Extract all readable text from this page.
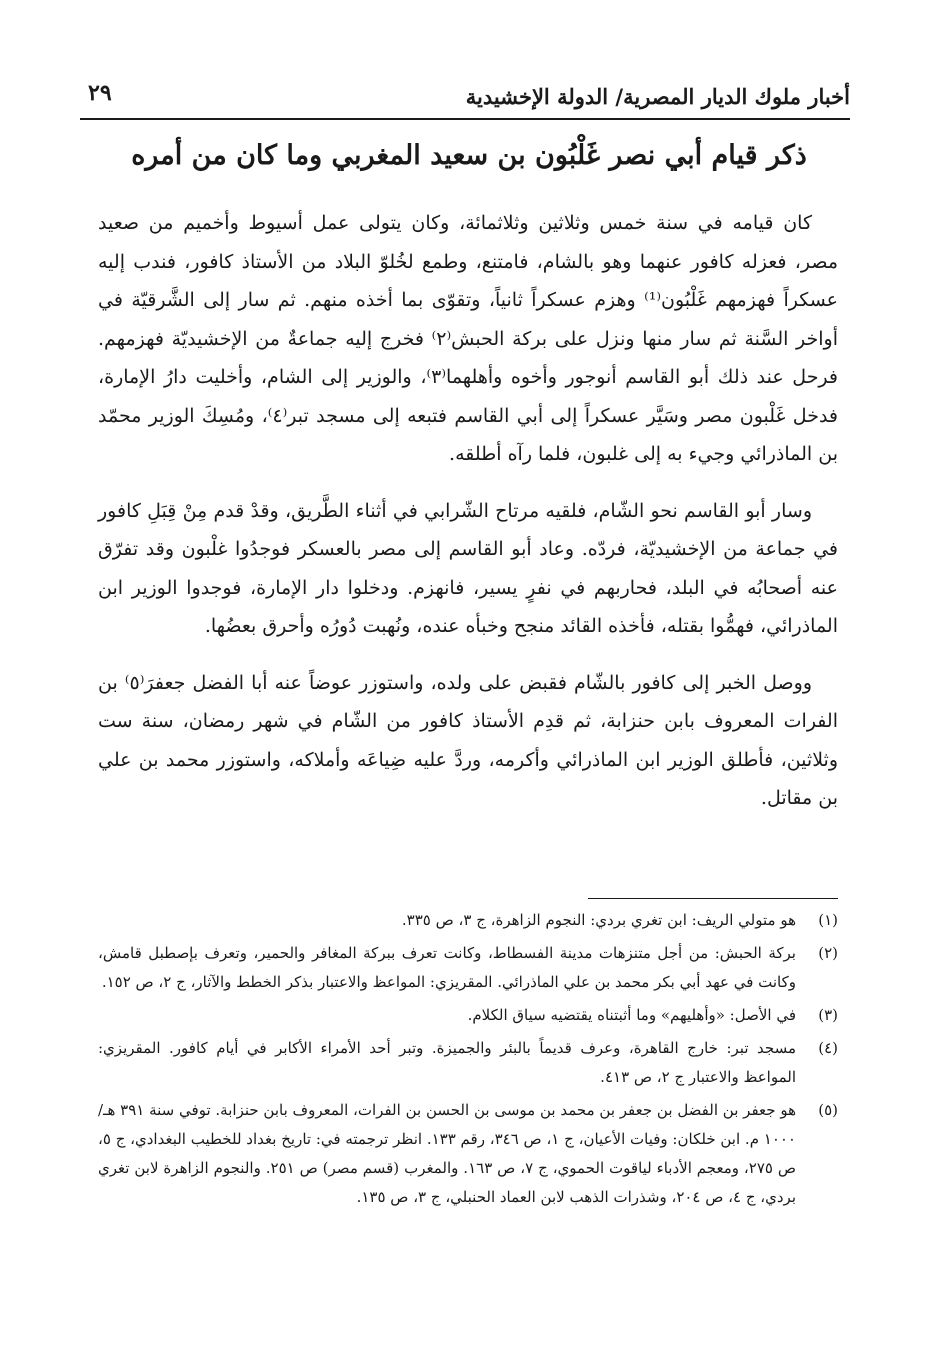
أخبار ملوك الديار المصرية/ الدولة الإخشيدية
٢٩
ذكر قيام أبي نصر غَلْبُون بن سعيد المغربي وما كان من أمره

كان قيامه في سنة خمس وثلاثين وثلاثمائة، وكان يتولى عمل أسيوط وأخميم من صعيد مصر، فعزله كافور عنهما وهو بالشام، فامتنع، وطمع لخُلوّ البلاد من الأستاذ كافور، فندب إليه عسكراً فهزمهم غَلْبُون⁽¹⁾ وهزم عسكراً ثانياً، وتقوّى بما أخذه منهم. ثم سار إلى الشَّرقيّة في أواخر السَّنة ثم سار منها ونزل على بركة الحبش⁽٢⁾ فخرج إليه جماعةٌ من الإخشيديّة فهزمهم. فرحل عند ذلك أبو القاسم أنوجور وأخوه وأهلهما⁽٣⁾، والوزير إلى الشام، وأخليت دارُ الإمارة، فدخل غَلْبون مصر وسَيَّر عسكراً إلى أبي القاسم فتبعه إلى مسجد تبر⁽٤⁾، ومُسِكَ الوزير محمّد بن الماذرائي وجيء به إلى غلبون، فلما رآه أطلقه.

وسار أبو القاسم نحو الشّام، فلقيه مرتاح الشّرابي في أثناء الطَّريق، وقدْ قدم مِنْ قِبَلِ كافور في جماعة من الإخشيديّة، فردّه. وعاد أبو القاسم إلى مصر بالعسكر فوجدُوا غلْبون وقد تفرّق عنه أصحابُه في البلد، فحاربهم في نفرٍ يسير، فانهزم. ودخلوا دار الإمارة، فوجدوا الوزير ابن الماذرائي، فهمُّوا بقتله، فأخذه القائد منجح وخبأه عنده، ونُهبت دُورُه وأحرق بعضُها.

ووصل الخبر إلى كافور بالشّام فقبض على ولده، واستوزر عوضاً عنه أبا الفضل جعفرَ⁽٥⁾ بن الفرات المعروف بابن حنزابة، ثم قدِم الأستاذ كافور من الشّام في شهر رمضان، سنة ست وثلاثين، فأطلق الوزير ابن الماذرائي وأكرمه، وردَّ عليه ضِياعَه وأملاكه، واستوزر محمد بن علي بن مقاتل.

(١)
هو متولي الريف: ابن تغري بردي: النجوم الزاهرة، ج ٣، ص ٣٣٥.
(٢)
بركة الحبش: من أجل متنزهات مدينة الفسطاط، وكانت تعرف ببركة المغافر والحمير، وتعرف بإصطبل قامش، وكانت في عهد أبي بكر محمد بن علي الماذرائي. المقريزي: المواعظ والاعتبار بذكر الخطط والآثار، ج ٢، ص ١٥٢.
(٣)
في الأصل: «وأهليهم» وما أثبتناه يقتضيه سياق الكلام.
(٤)
مسجد تبر: خارج القاهرة، وعرف قديماً بالبئر والجميزة. وتبر أحد الأمراء الأكابر في أيام كافور. المقريزي: المواعظ والاعتبار ج ٢، ص ٤١٣.
(٥)
هو جعفر بن الفضل بن جعفر بن محمد بن موسى بن الحسن بن الفرات، المعروف بابن حنزابة. توفي سنة ٣٩١ هـ/ ١٠٠٠ م. ابن خلكان: وفيات الأعيان، ج ١، ص ٣٤٦، رقم ١٣٣. انظر ترجمته في: تاريخ بغداد للخطيب البغدادي، ج ٥، ص ٢٧٥، ومعجم الأدباء لياقوت الحموي، ج ٧، ص ١٦٣. والمغرب (قسم مصر) ص ٢٥١. والنجوم الزاهرة لابن تغري بردي، ج ٤، ص ٢٠٤، وشذرات الذهب لابن العماد الحنبلي، ج ٣، ص ١٣٥.
